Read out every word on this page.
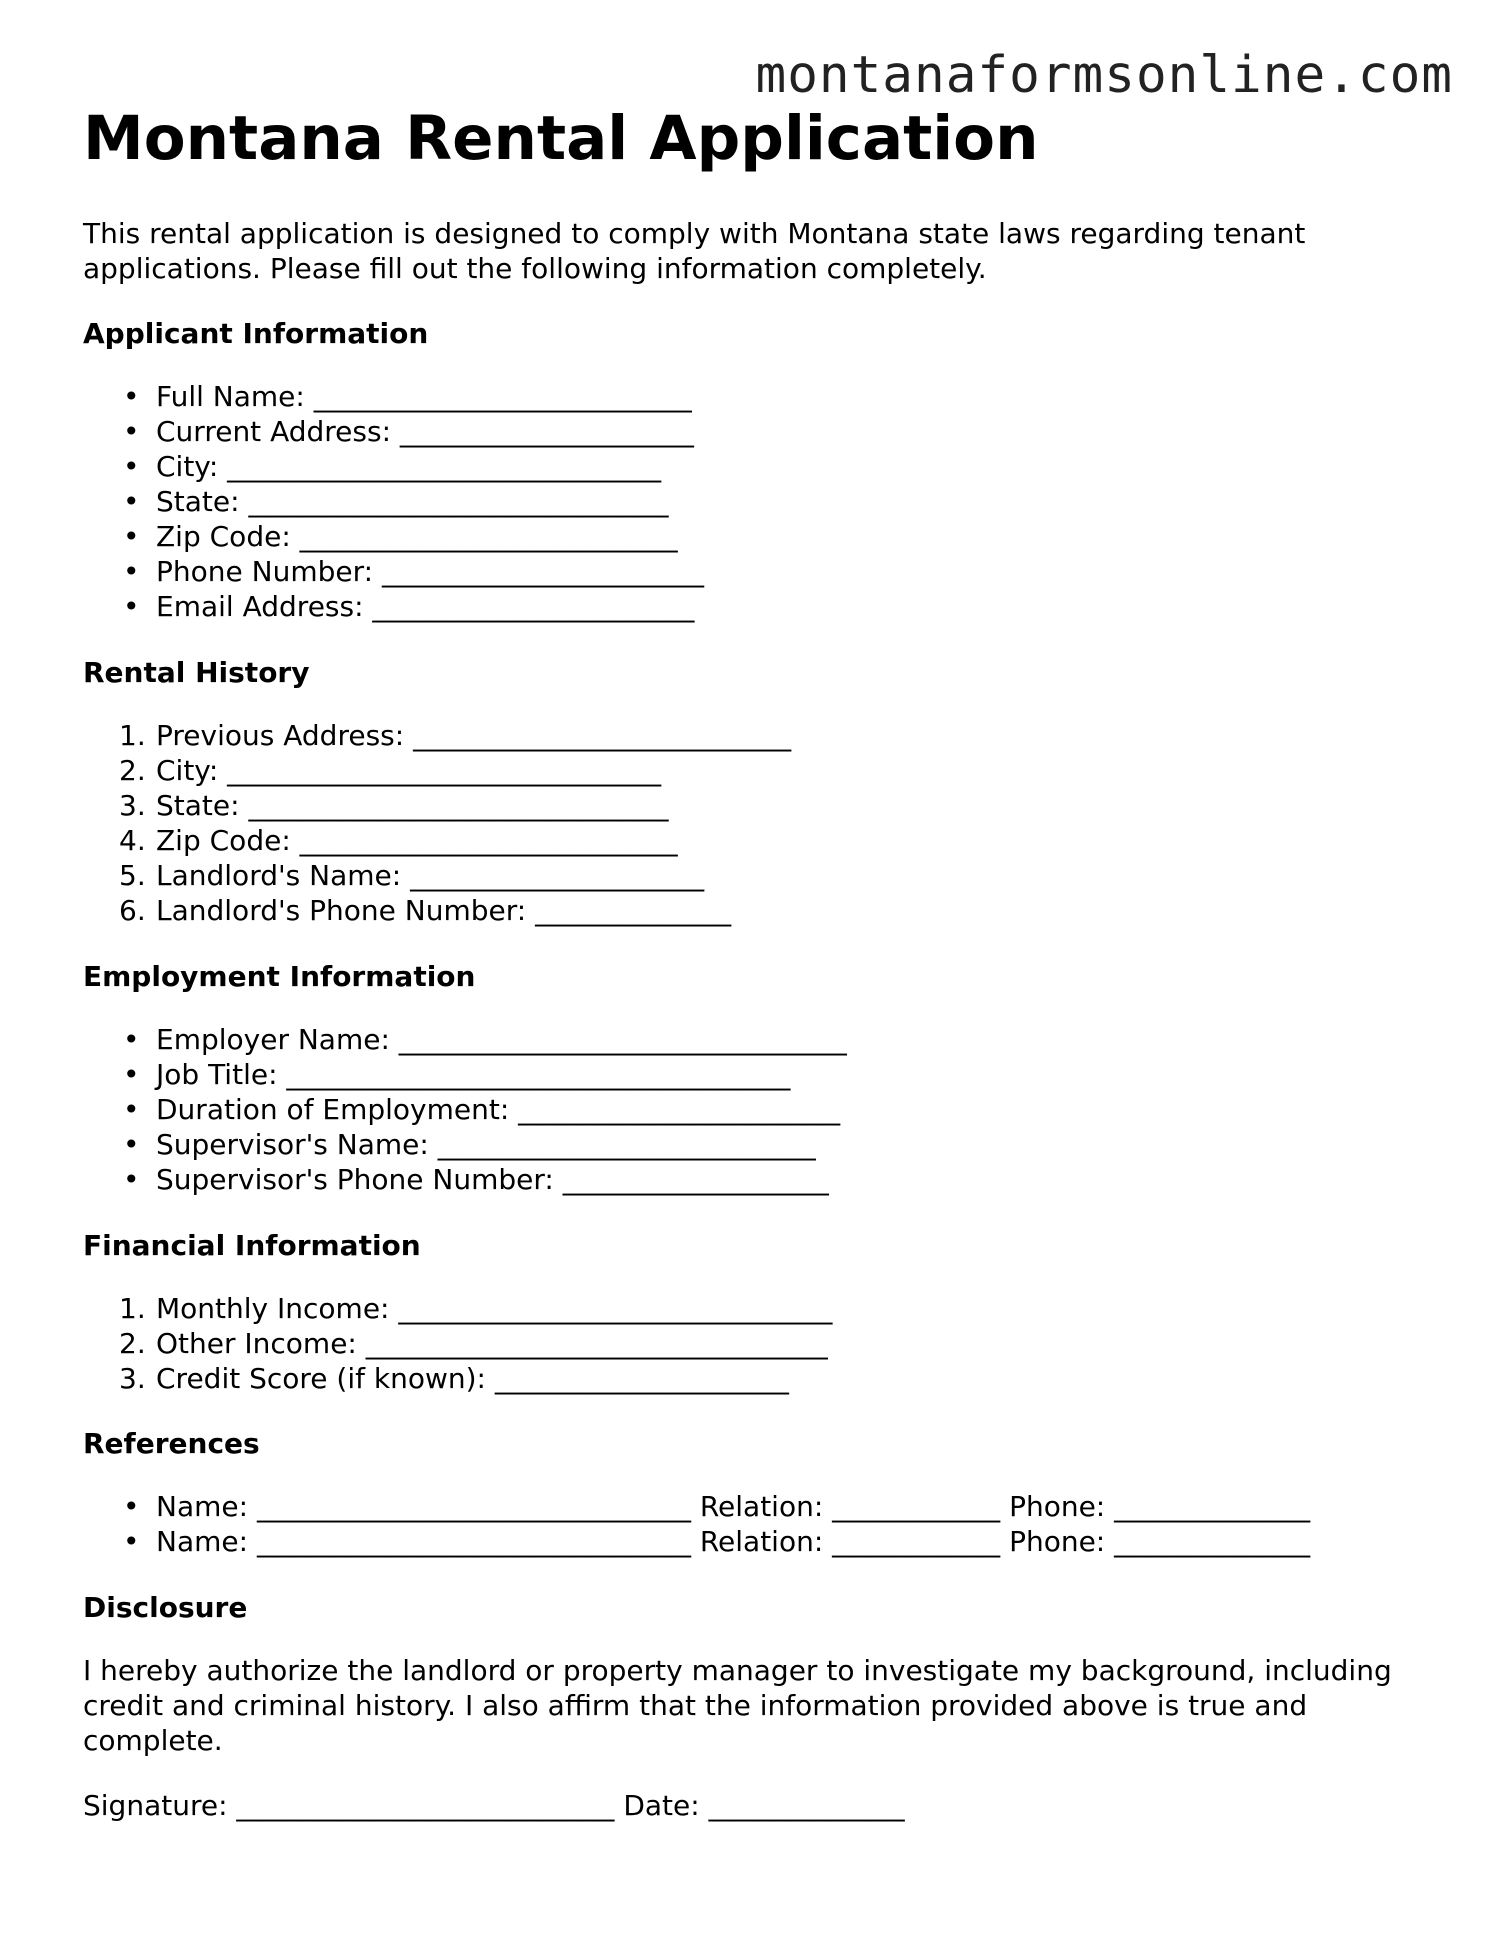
montanaformsonline.com
Montana Rental Application

This rental application is designed to comply with Montana state laws regarding tenant applications. Please fill out the following information completely.

Applicant Information
• Full Name: ___________________________
• Current Address: _____________________
• City: _______________________________
• State: ______________________________
• Zip Code: ___________________________
• Phone Number: _______________________
• Email Address: _______________________
Rental History
1. Previous Address: ___________________________
2. City: _______________________________
3. State: ______________________________
4. Zip Code: ___________________________
5. Landlord's Name: _____________________
6. Landlord's Phone Number: ______________
Employment Information
• Employer Name: ________________________________
• Job Title: ____________________________________
• Duration of Employment: _______________________
• Supervisor's Name: ___________________________
• Supervisor's Phone Number: ___________________
Financial Information
1. Monthly Income: _______________________________
2. Other Income: _________________________________
3. Credit Score (if known): _____________________
References
• Name: _______________________________ Relation: ____________ Phone: ______________
• Name: _______________________________ Relation: ____________ Phone: ______________
Disclosure

I hereby authorize the landlord or property manager to investigate my background, including credit and criminal history. I also affirm that the information provided above is true and complete.

Signature: ___________________________ Date: ______________
